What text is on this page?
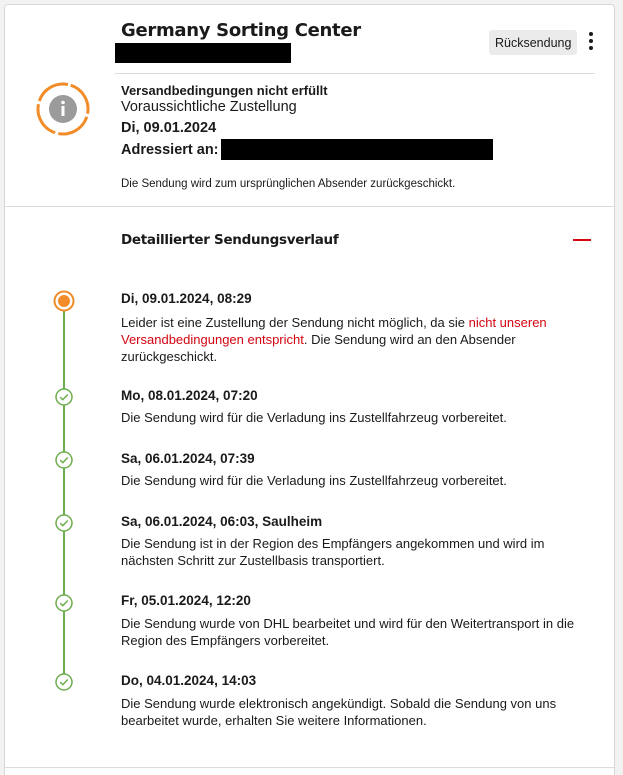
Germany Sorting Center
Rücksendung
Versandbedingungen nicht erfüllt
Voraussichtliche Zustellung
Di, 09.01.2024
Adressiert an:
Die Sendung wird zum ursprünglichen Absender zurückgeschickt.
Detaillierter Sendungsverlauf
Di, 09.01.2024, 08:29
Leider ist eine Zustellung der Sendung nicht möglich, da sie nicht unseren Versandbedingungen entspricht. Die Sendung wird an den Absender zurückgeschickt.
Mo, 08.01.2024, 07:20
Die Sendung wird für die Verladung ins Zustellfahrzeug vorbereitet.
Sa, 06.01.2024, 07:39
Die Sendung wird für die Verladung ins Zustellfahrzeug vorbereitet.
Sa, 06.01.2024, 06:03, Saulheim
Die Sendung ist in der Region des Empfängers angekommen und wird im nächsten Schritt zur Zustellbasis transportiert.
Fr, 05.01.2024, 12:20
Die Sendung wurde von DHL bearbeitet und wird für den Weitertransport in die Region des Empfängers vorbereitet.
Do, 04.01.2024, 14:03
Die Sendung wurde elektronisch angekündigt. Sobald die Sendung von uns bearbeitet wurde, erhalten Sie weitere Informationen.
